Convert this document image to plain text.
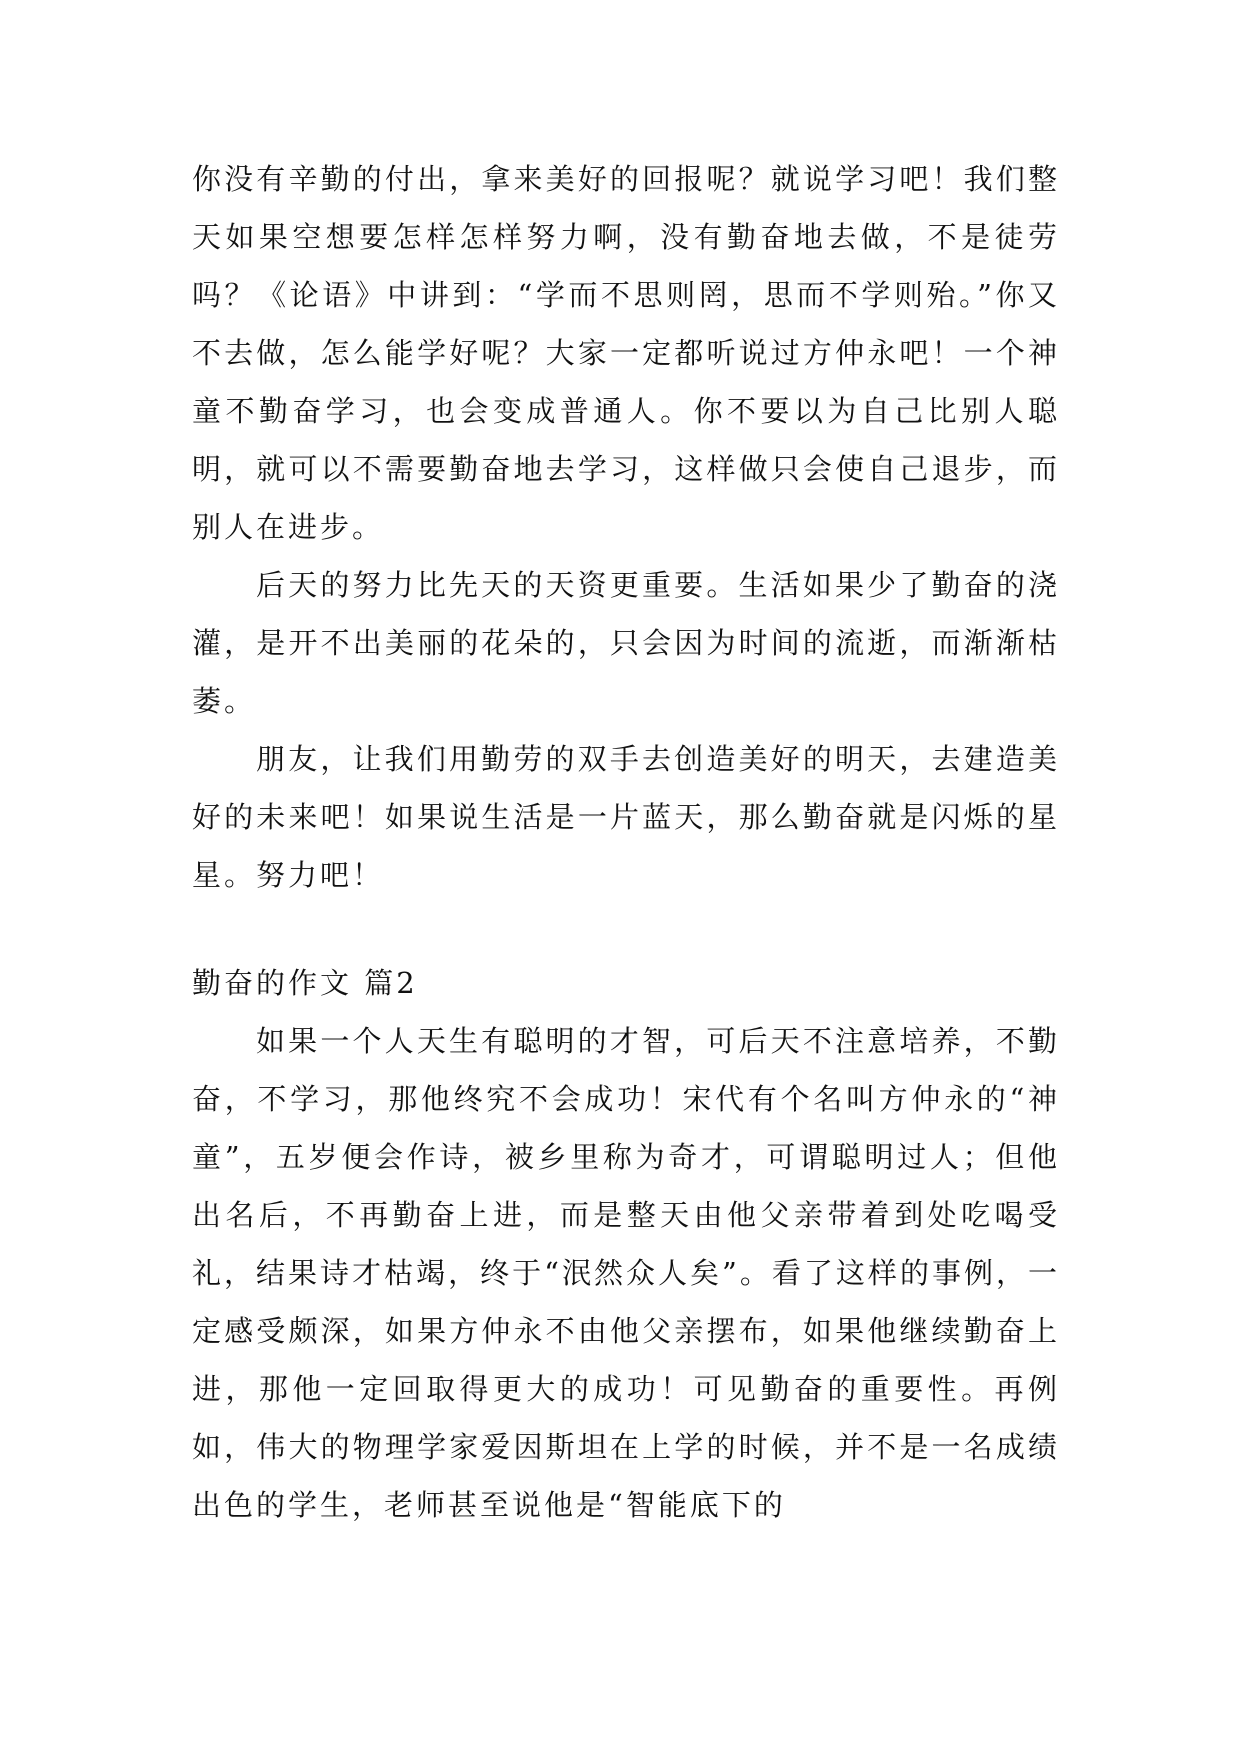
你没有辛勤的付出，拿来美好的回报呢？就说学习吧！我们整天如果空想要怎样怎样努力啊，没有勤奋地去做，不是徒劳吗？《论语》中讲到：“学而不思则罔，思而不学则殆。”你又不去做，怎么能学好呢？大家一定都听说过方仲永吧！一个神童不勤奋学习，也会变成普通人。你不要以为自己比别人聪明，就可以不需要勤奋地去学习，这样做只会使自己退步，而别人在进步。

后天的努力比先天的天资更重要。生活如果少了勤奋的浇灌，是开不出美丽的花朵的，只会因为时间的流逝，而渐渐枯萎。

朋友，让我们用勤劳的双手去创造美好的明天，去建造美好的未来吧！如果说生活是一片蓝天，那么勤奋就是闪烁的星星。努力吧！

勤奋的作文 篇2

如果一个人天生有聪明的才智，可后天不注意培养，不勤奋，不学习，那他终究不会成功！宋代有个名叫方仲永的“神童”，五岁便会作诗，被乡里称为奇才，可谓聪明过人；但他出名后，不再勤奋上进，而是整天由他父亲带着到处吃喝受礼，结果诗才枯竭，终于“泯然众人矣”。看了这样的事例，一定感受颇深，如果方仲永不由他父亲摆布，如果他继续勤奋上进，那他一定回取得更大的成功！可见勤奋的重要性。再例如，伟大的物理学家爱因斯坦在上学的时候，并不是一名成绩出色的学生，老师甚至说他是“智能底下的
